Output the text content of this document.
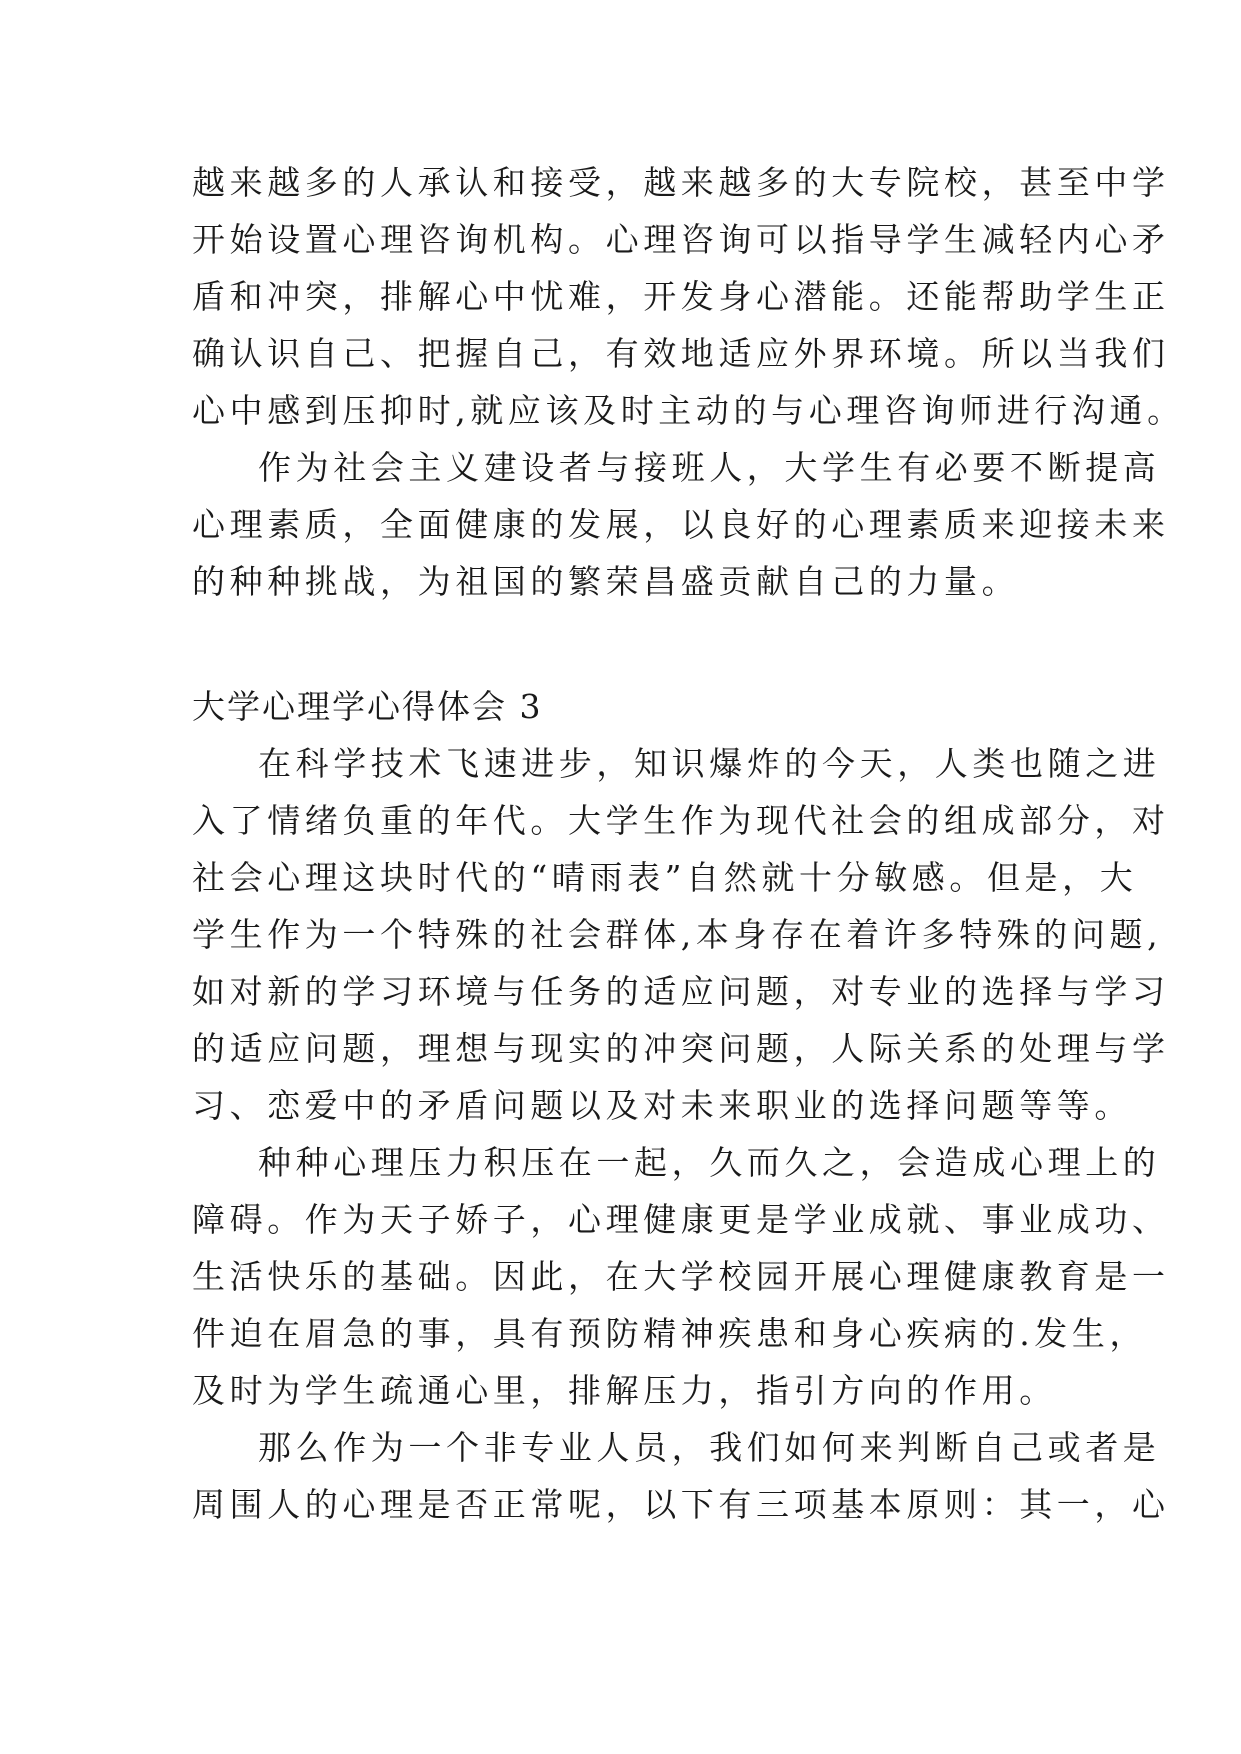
越来越多的人承认和接受，越来越多的大专院校，甚至中学
开始设置心理咨询机构。心理咨询可以指导学生减轻内心矛
盾和冲突，排解心中忧难，开发身心潜能。还能帮助学生正
确认识自己、把握自己，有效地适应外界环境。所以当我们
心中感到压抑时,就应该及时主动的与心理咨询师进行沟通。
作为社会主义建设者与接班人，大学生有必要不断提高
心理素质，全面健康的发展，以良好的心理素质来迎接未来
的种种挑战，为祖国的繁荣昌盛贡献自己的力量。
大学心理学心得体会 3
在科学技术飞速进步，知识爆炸的今天，人类也随之进
入了情绪负重的年代。大学生作为现代社会的组成部分，对
社会心理这块时代的“晴雨表”自然就十分敏感。但是，大
学生作为一个特殊的社会群体,本身存在着许多特殊的问题,
如对新的学习环境与任务的适应问题，对专业的选择与学习
的适应问题，理想与现实的冲突问题，人际关系的处理与学
习、恋爱中的矛盾问题以及对未来职业的选择问题等等。
种种心理压力积压在一起，久而久之，会造成心理上的
障碍。作为天子娇子，心理健康更是学业成就、事业成功、
生活快乐的基础。因此，在大学校园开展心理健康教育是一
件迫在眉急的事，具有预防精神疾患和身心疾病的.发生，
及时为学生疏通心里，排解压力，指引方向的作用。
那么作为一个非专业人员，我们如何来判断自己或者是
周围人的心理是否正常呢，以下有三项基本原则：其一，心
